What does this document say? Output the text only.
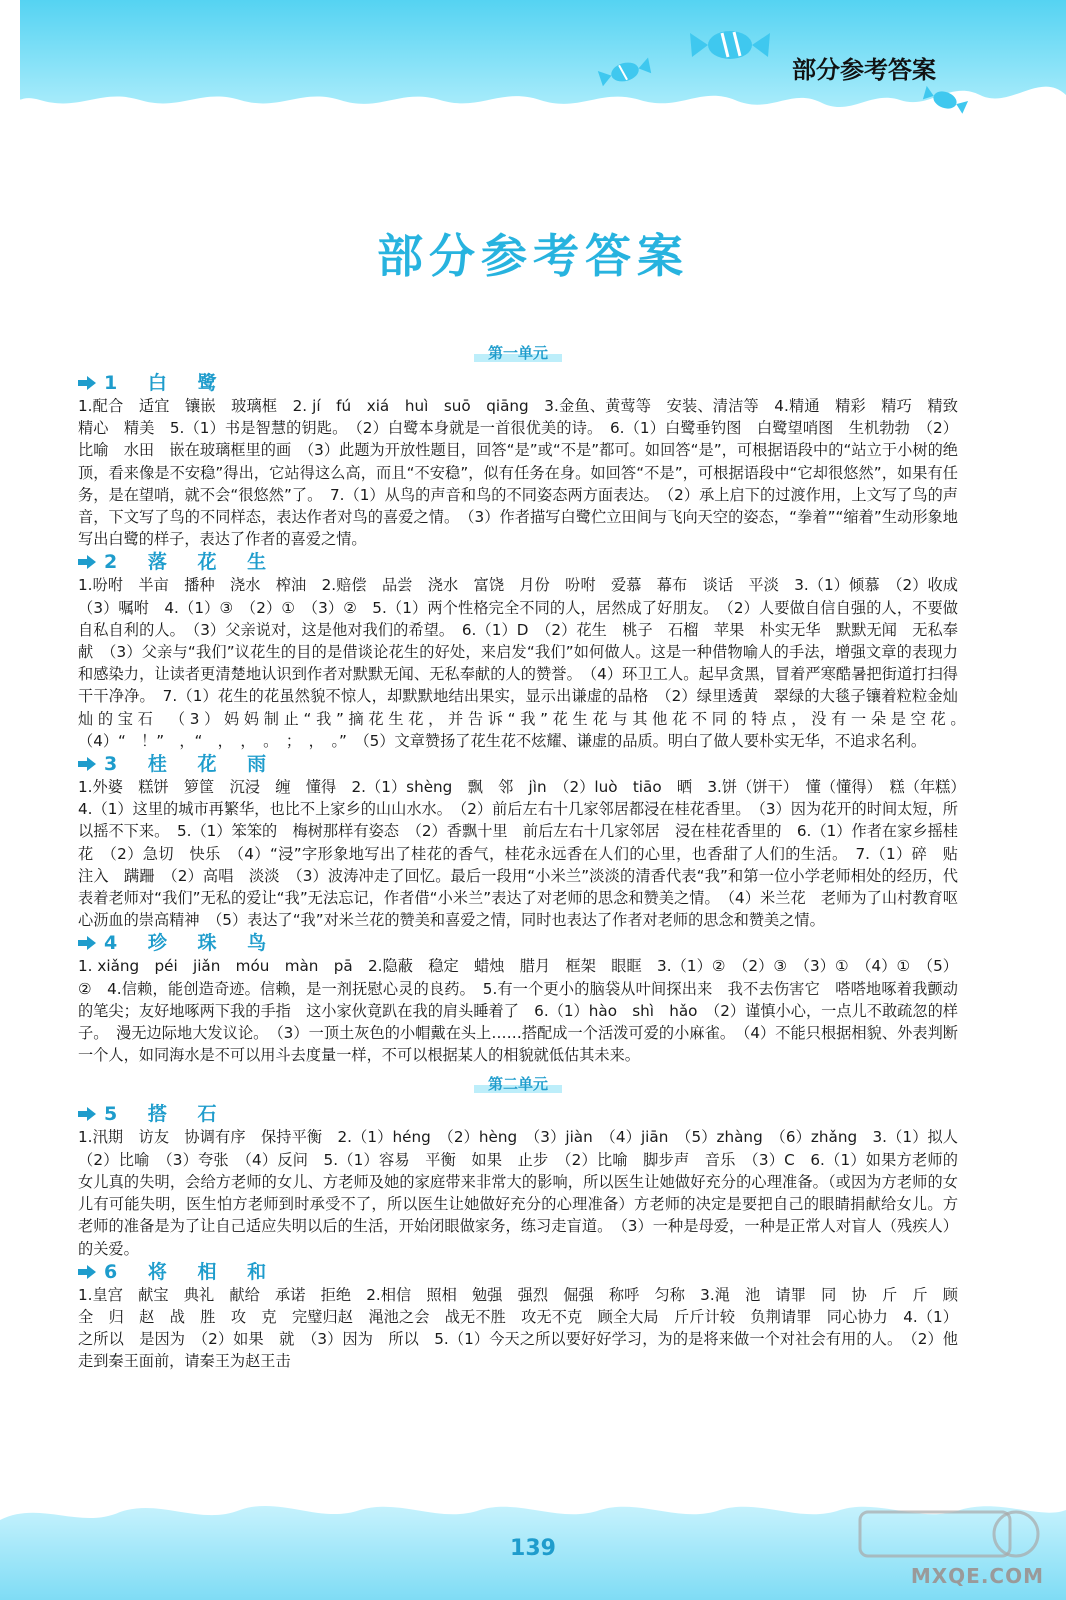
部分参考答案
部分参考答案
第一单元
1 白 鹭

1.配合　适宜　镶嵌　玻璃框　2. jí　fú　xiá　huì　suō　qiāng　3.金鱼、黄莺等　安装、清洁等　4.精通　精彩　精巧　精致　精心　精美　5.（1）书是智慧的钥匙。　（2）白鹭本身就是一首很优美的诗。　6.（1）白鹭垂钓图　白鹭望哨图　生机勃勃　（2）比喻　水田　嵌在玻璃框里的画　（3）此题为开放性题目，回答“是”或“不是”都可。如回答“是”，可根据语段中的“站立于小树的绝顶，看来像是不安稳”得出，它站得这么高，而且“不安稳”，似有任务在身。如回答“不是”，可根据语段中“它却很悠然”，如果有任务，是在望哨，就不会“很悠然”了。　7.（1）从鸟的声音和鸟的不同姿态两方面表达。　（2）承上启下的过渡作用，上文写了鸟的声音，下文写了鸟的不同样态，表达作者对鸟的喜爱之情。　（3）作者描写白鹭伫立田间与飞向天空的姿态，“拳着”“缩着”生动形象地写出白鹭的样子，表达了作者的喜爱之情。

2 落 花 生

1.吩咐　半亩　播种　浇水　榨油　2.赔偿　品尝　浇水　富饶　月份　吩咐　爱慕　幕布　谈话　平淡　3.（1）倾慕　（2）收成　（3）嘱咐　4.（1）③　（2）①　（3）②　5.（1）两个性格完全不同的人，居然成了好朋友。　（2）人要做自信自强的人，不要做自私自利的人。　（3）父亲说对，这是他对我们的希望。　6.（1）D　（2）花生　桃子　石榴　苹果　朴实无华　默默无闻　无私奉献　（3）父亲与“我们”议花生的目的是借谈论花生的好处，来启发“我们”如何做人。这是一种借物喻人的手法，增强文章的表现力和感染力，让读者更清楚地认识到作者对默默无闻、无私奉献的人的赞誉。　（4）环卫工人。起早贪黑，冒着严寒酷暑把街道打扫得干干净净。　7.（1）花生的花虽然貌不惊人，却默默地结出果实，显示出谦虚的品格　（2）绿里透黄　翠绿的大毯子镶着粒粒金灿灿的宝石　（3）妈妈制止“我”摘花生花，并告诉“我”花生花与其他花不同的特点，没有一朵是空花。　（4）“　！”　，“　，　，　。　；　，　。”　（5）文章赞扬了花生花不炫耀、谦虚的品质。明白了做人要朴实无华，不追求名利。

3 桂 花 雨

1.外婆　糕饼　箩筐　沉浸　缠　懂得　2.（1）shèng　飘　邻　jìn　（2）luò　tiāo　晒　3.饼（饼干）　懂（懂得）　糕（年糕）　4.（1）这里的城市再繁华，也比不上家乡的山山水水。　（2）前后左右十几家邻居都浸在桂花香里。　（3）因为花开的时间太短，所以摇不下来。　5.（1）笨笨的　梅树那样有姿态　（2）香飘十里　前后左右十几家邻居　浸在桂花香里的　6.（1）作者在家乡摇桂花　（2）急切　快乐　（4）“浸”字形象地写出了桂花的香气，桂花永远香在人们的心里，也香甜了人们的生活。　7.（1）碎　贴　注入　蹒跚　（2）高唱　淡淡　（3）波涛冲走了回忆。最后一段用“小米兰”淡淡的清香代表“我”和第一位小学老师相处的经历，代表着老师对“我们”无私的爱让“我”无法忘记，作者借“小米兰”表达了对老师的思念和赞美之情。　（4）米兰花　老师为了山村教育呕心沥血的崇高精神　（5）表达了“我”对米兰花的赞美和喜爱之情，同时也表达了作者对老师的思念和赞美之情。

4 珍 珠 鸟

1. xiǎng　péi　jiǎn　móu　màn　pā　2.隐蔽　稳定　蜡烛　腊月　框架　眼眶　3.（1）②　（2）③　（3）①　（4）①　（5）②　4.信赖，能创造奇迹。信赖，是一剂抚慰心灵的良药。　5.有一个更小的脑袋从叶间探出来　我不去伤害它　嗒嗒地啄着我颤动的笔尖；友好地啄两下我的手指　这小家伙竟趴在我的肩头睡着了　6.（1）hào　shì　hǎo　（2）谨慎小心，一点儿不敢疏忽的样子。　漫无边际地大发议论。　（3）一顶土灰色的小帽戴在头上……搭配成一个活泼可爱的小麻雀。　（4）不能只根据相貌、外表判断一个人，如同海水是不可以用斗去度量一样，不可以根据某人的相貌就低估其未来。

第二单元
5 搭 石

1.汛期　访友　协调有序　保持平衡　2.（1）héng　（2）hèng　（3）jiàn　（4）jiān　（5）zhàng　（6）zhǎng　3.（1）拟人　（2）比喻　（3）夸张　（4）反问　5.（1）容易　平衡　如果　止步　（2）比喻　脚步声　音乐　（3）C　6.（1）如果方老师的女儿真的失明，会给方老师的女儿、方老师及她的家庭带来非常大的影响，所以医生让她做好充分的心理准备。（或因为方老师的女儿有可能失明，医生怕方老师到时承受不了，所以医生让她做好充分的心理准备）方老师的决定是要把自己的眼睛捐献给女儿。方老师的准备是为了让自己适应失明以后的生活，开始闭眼做家务，练习走盲道。　（3）一种是母爱，一种是正常人对盲人（残疾人）的关爱。

6 将 相 和

1.皇宫　献宝　典礼　献给　承诺　拒绝　2.相信　照相　勉强　强烈　倔强　称呼　匀称　3.渑　池　请罪　同　协　斤　斤　顾　全　归　赵　战　胜　攻　克　完璧归赵　渑池之会　战无不胜　攻无不克　顾全大局　斤斤计较　负荆请罪　同心协力　4.（1）之所以　是因为　（2）如果　就　（3）因为　所以　5.（1）今天之所以要好好学习，为的是将来做一个对社会有用的人。　（2）他走到秦王面前，请秦王为赵王击

139
MXQE.COM
